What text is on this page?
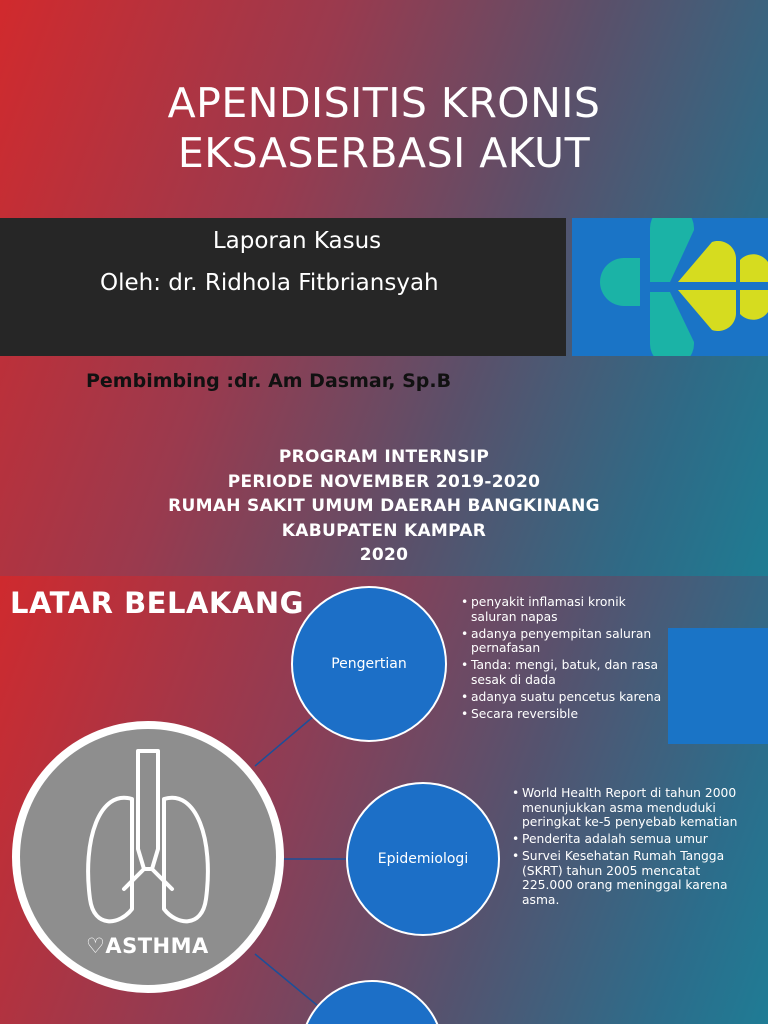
APENDISITIS KRONIS
EKSASERBASI AKUT
Laporan Kasus
Oleh: dr. Ridhola Fitbriansyah
Pembimbing :dr. Am Dasmar, Sp.B
PROGRAM INTERNSIP
PERIODE NOVEMBER 2019-2020
RUMAH SAKIT UMUM DAERAH BANGKINANG
KABUPATEN KAMPAR
2020
LATAR BELAKANG
♡ASTHMA
Pengertian
Epidemiologi
• penyakit inflamasi kronik saluran napas
• adanya penyempitan saluran pernafasan
• Tanda: mengi, batuk, dan rasa sesak di dada
• adanya suatu pencetus karena
• Secara reversible
• World Health Report di tahun 2000 menunjukkan asma menduduki peringkat ke-5 penyebab kematian
• Penderita adalah semua umur
• Survei Kesehatan Rumah Tangga (SKRT) tahun 2005 mencatat 225.000 orang meninggal karena asma.
